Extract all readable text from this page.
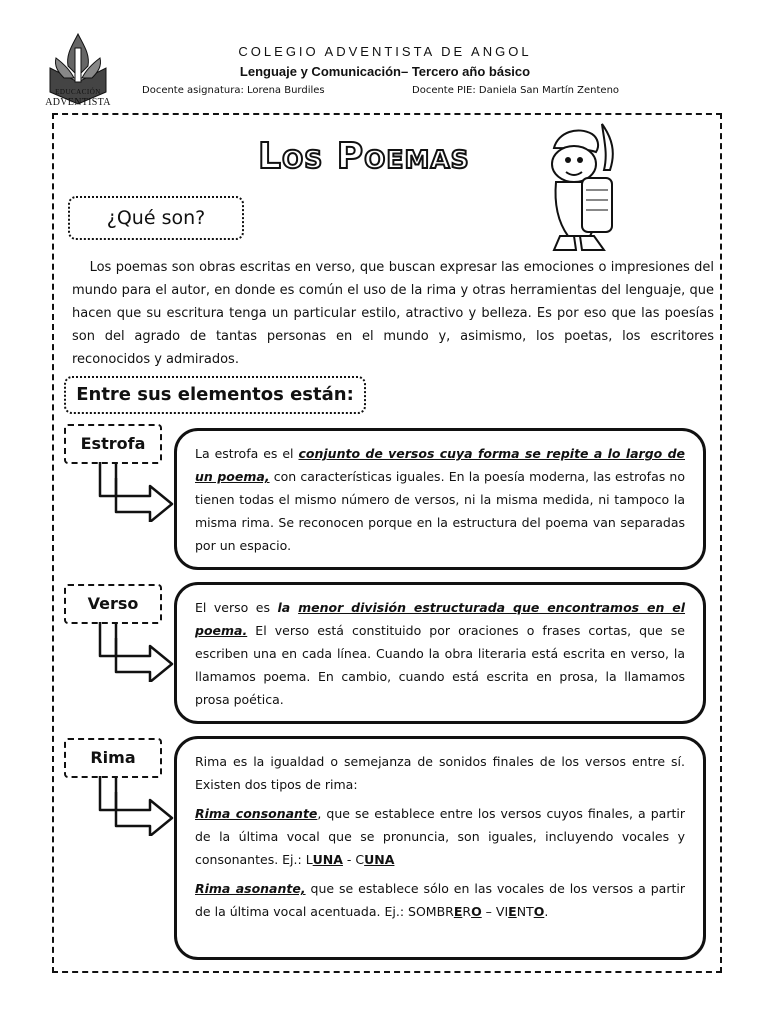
EDUCACIÓN
ADVENTISTA
COLEGIO ADVENTISTA DE ANGOL
Lenguaje y Comunicación– Tercero año básico
Docente asignatura: Lorena Burdiles	Docente PIE: Daniela San Martín Zenteno
Los Poemas
¿Qué son?
Los poemas son obras escritas en verso, que buscan expresar las emociones o impresiones del mundo para el autor, en donde es común el uso de la rima y otras herramientas del lenguaje, que hacen que su escritura tenga un particular estilo, atractivo y belleza. Es por eso que las poesías son del agrado de tantas personas en el mundo y, asimismo, los poetas, los escritores reconocidos y admirados.
Entre sus elementos están:
Estrofa

La estrofa es el conjunto de versos cuya forma se repite a lo largo de un poema, con características iguales. En la poesía moderna, las estrofas no tienen todas el mismo número de versos, ni la misma medida, ni tampoco la misma rima. Se reconocen porque en la estructura del poema van separadas por un espacio.

Verso	El verso es la menor división estructurada que encontramos en el poema. El verso está constituido por oraciones o frases cortas, que se escriben una en cada línea. Cuando la obra literaria está escrita en verso, la llamamos poema. En cambio, cuando está escrita en prosa, la llamamos prosa poética.

Rima	Rima es la igualdad o semejanza de sonidos finales de los versos entre sí. Existen dos tipos de rima:

Rima consonante, que se establece entre los versos cuyos finales, a partir de la última vocal que se pronuncia, son iguales, incluyendo vocales y consonantes. Ej.: LUNA - CUNA

Rima asonante, que se establece sólo en las vocales de los versos a partir de la última vocal acentuada. Ej.: SOMBRERO – VIENTO.
